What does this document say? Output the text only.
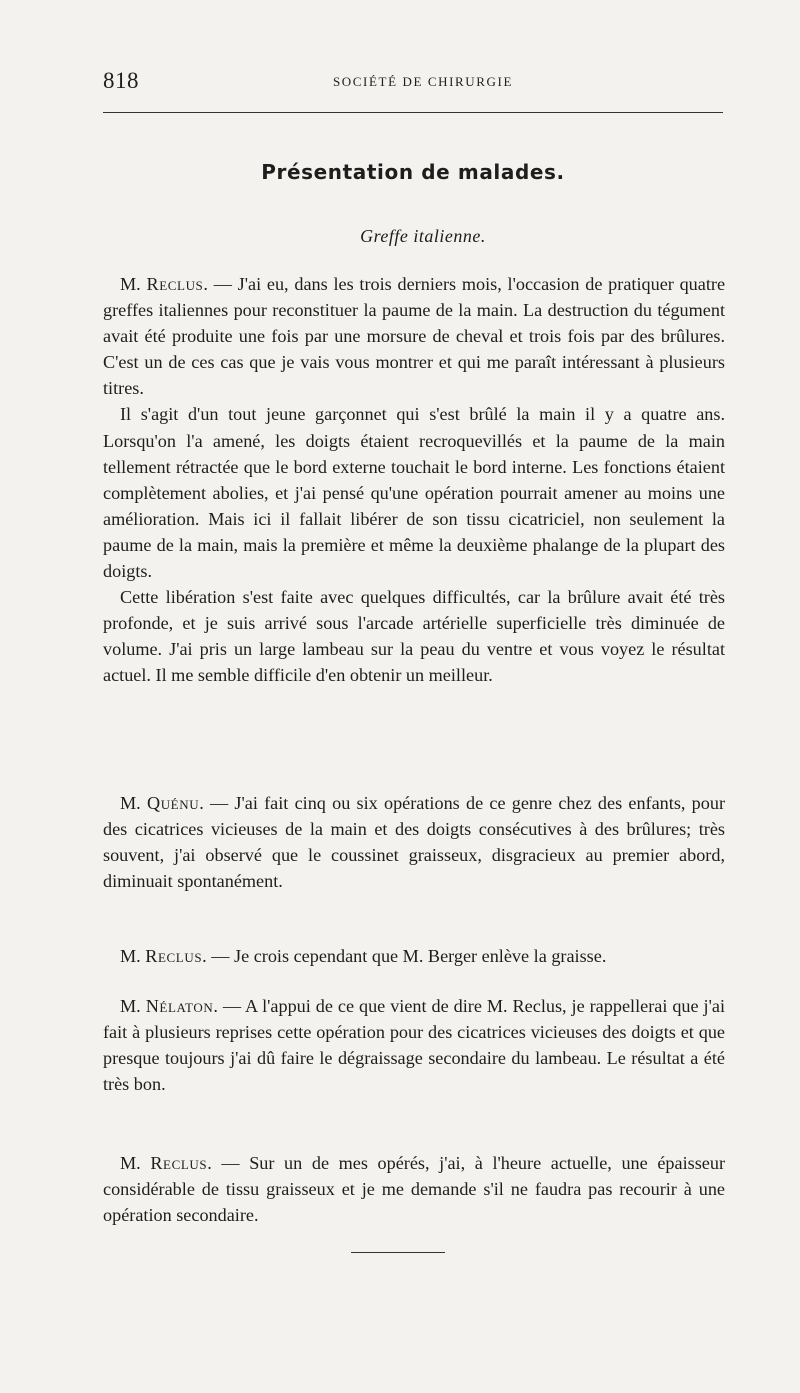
818	SOCIÉTÉ DE CHIRURGIE
Présentation de malades.
Greffe italienne.

M. Reclus. — J'ai eu, dans les trois derniers mois, l'occasion de pratiquer quatre greffes italiennes pour reconstituer la paume de la main. La destruction du tégument avait été produite une fois par une morsure de cheval et trois fois par des brûlures. C'est un de ces cas que je vais vous montrer et qui me paraît intéressant à plusieurs titres.

Il s'agit d'un tout jeune garçonnet qui s'est brûlé la main il y a quatre ans. Lorsqu'on l'a amené, les doigts étaient recroquevillés et la paume de la main tellement rétractée que le bord externe touchait le bord interne. Les fonctions étaient complètement abolies, et j'ai pensé qu'une opération pourrait amener au moins une amélioration. Mais ici il fallait libérer de son tissu cicatriciel, non seulement la paume de la main, mais la première et même la deuxième phalange de la plupart des doigts.

Cette libération s'est faite avec quelques difficultés, car la brûlure avait été très profonde, et je suis arrivé sous l'arcade artérielle superficielle très diminuée de volume. J'ai pris un large lambeau sur la peau du ventre et vous voyez le résultat actuel. Il me semble difficile d'en obtenir un meilleur.

M. Quénu. — J'ai fait cinq ou six opérations de ce genre chez des enfants, pour des cicatrices vicieuses de la main et des doigts consécutives à des brûlures; très souvent, j'ai observé que le coussinet graisseux, disgracieux au premier abord, diminuait spontanément.

M. Reclus. — Je crois cependant que M. Berger enlève la graisse.

M. Nélaton. — A l'appui de ce que vient de dire M. Reclus, je rappellerai que j'ai fait à plusieurs reprises cette opération pour des cicatrices vicieuses des doigts et que presque toujours j'ai dû faire le dégraissage secondaire du lambeau. Le résultat a été très bon.

M. Reclus. — Sur un de mes opérés, j'ai, à l'heure actuelle, une épaisseur considérable de tissu graisseux et je me demande s'il ne faudra pas recourir à une opération secondaire.
